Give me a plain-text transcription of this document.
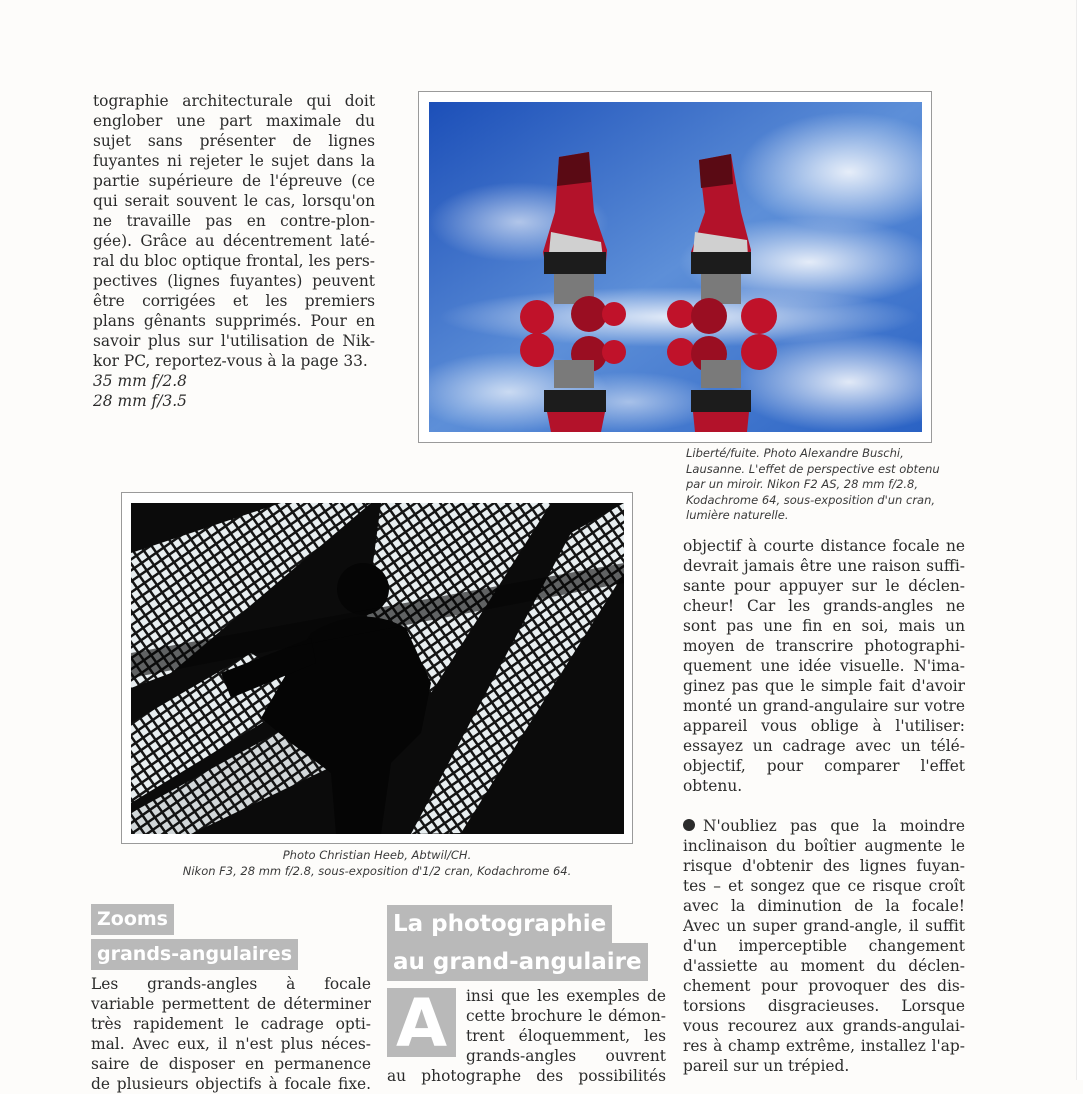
tographie architecturale qui doit

englober une part maximale du

sujet sans présenter de lignes

fuyantes ni rejeter le sujet dans la

partie supérieure de l'épreuve (ce

qui serait souvent le cas, lorsqu'on

ne travaille pas en contre-plon-

gée). Grâce au décentrement laté-

ral du bloc optique frontal, les pers-

pectives (lignes fuyantes) peuvent

être corrigées et les premiers

plans gênants supprimés. Pour en

savoir plus sur l'utilisation de Nik-

kor PC, reportez-vous à la page 33.

35 mm f/2.8

28 mm f/3.5

Liberté/fuite. Photo Alexandre Buschi,
Lausanne. L'effet de perspective est obtenu
par un miroir. Nikon F2 AS, 28 mm f/2.8,
Kodachrome 64, sous-exposition d'un cran,
lumière naturelle.
Photo Christian Heeb, Abtwil/CH.
Nikon F3, 28 mm f/2.8, sous-exposition d'1/2 cran, Kodachrome 64.

objectif à courte distance focale ne

devrait jamais être une raison suffi-

sante pour appuyer sur le déclen-

cheur! Car les grands-angles ne

sont pas une fin en soi, mais un

moyen de transcrire photographi-

quement une idée visuelle. N'ima-

ginez pas que le simple fait d'avoir

monté un grand-angulaire sur votre

appareil vous oblige à l'utiliser:

essayez un cadrage avec un télé-

objectif, pour comparer l'effet

obtenu.

N'oubliez pas que la moindre

inclinaison du boîtier augmente le

risque d'obtenir des lignes fuyan-

tes – et songez que ce risque croît

avec la diminution de la focale!

Avec un super grand-angle, il suffit

d'un imperceptible changement

d'assiette au moment du déclen-

chement pour provoquer des dis-

torsions disgracieuses. Lorsque

vous recourez aux grands-angulai-

res à champ extrême, installez l'ap-

pareil sur un trépied.

Zooms
grands-angulaires

Les grands-angles à focale

variable permettent de déterminer

très rapidement le cadrage opti-

mal. Avec eux, il n'est plus néces-

saire de disposer en permanence

de plusieurs objectifs à focale fixe.

La photographie
au grand-angulaire
A	insi que les exemples de

cette brochure le démon-

trent éloquemment, les

grands-angles ouvrent

au photographe des possibilités
